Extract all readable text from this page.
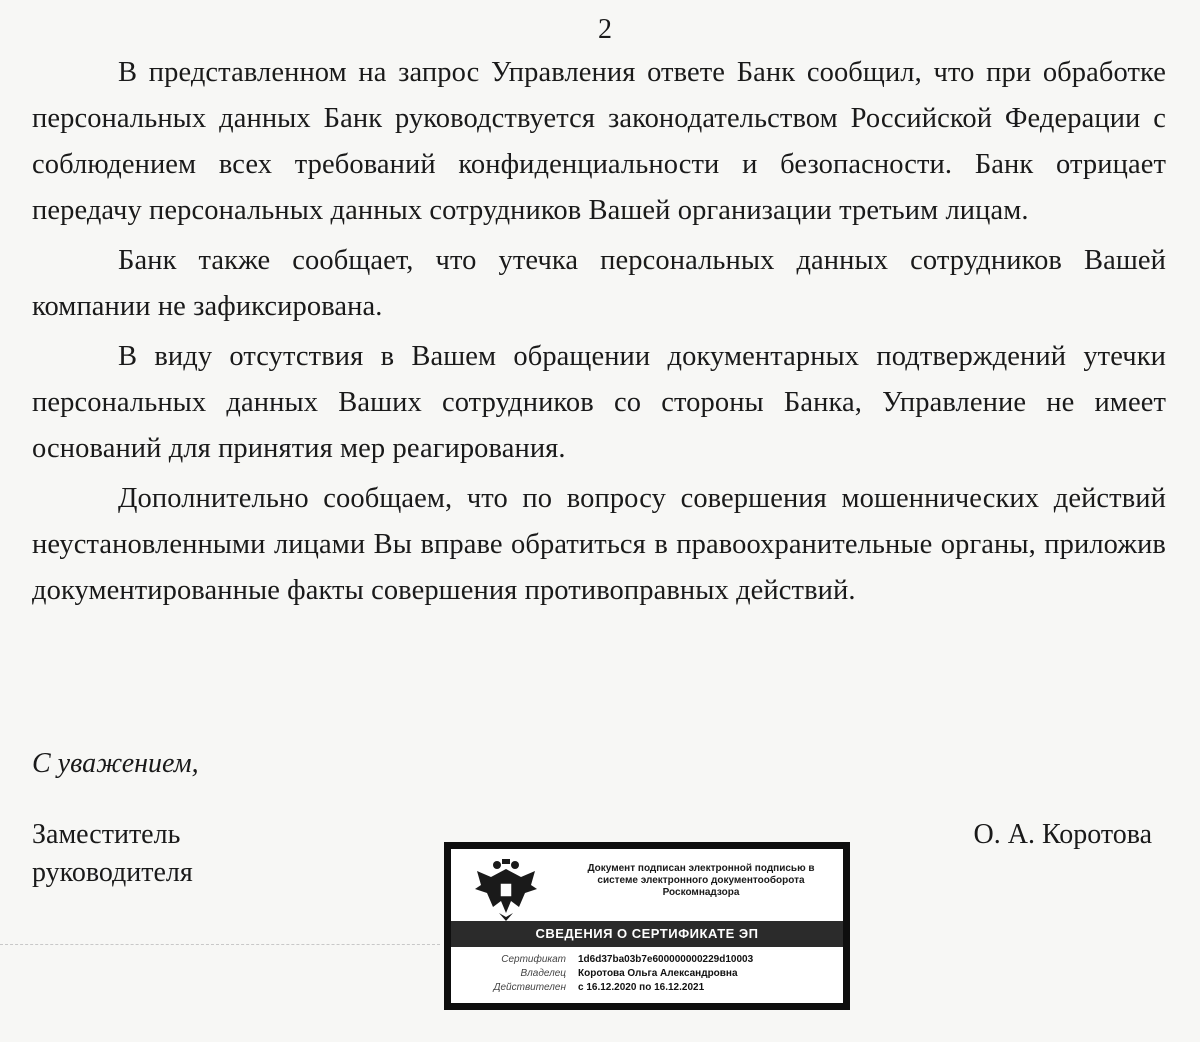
2

В представленном на запрос Управления ответе Банк сообщил, что при обработке персональных данных Банк руководствуется законодательством Российской Федерации с соблюдением всех требований конфиденциальности и безопасности. Банк отрицает передачу персональных данных сотрудников Вашей организации третьим лицам.

Банк также сообщает, что утечка персональных данных сотрудников Вашей компании не зафиксирована.

В виду отсутствия в Вашем обращении документарных подтверждений утечки персональных данных Ваших сотрудников со стороны Банка, Управление не имеет оснований для принятия мер реагирования.

Дополнительно сообщаем, что по вопросу совершения мошеннических действий неустановленными лицами Вы вправе обратиться в правоохранительные органы, приложив документированные факты совершения противоправных действий.

С уважением,
Заместитель
руководителя
О. А. Коротова
Документ подписан электронной подписью в
системе электронного документооборота
Роскомнадзора
СВЕДЕНИЯ О СЕРТИФИКАТЕ ЭП
Сертификат 1d6d37ba03b7e600000000229d10003
Владелец Коротова Ольга Александровна
Действителен с 16.12.2020 по 16.12.2021
